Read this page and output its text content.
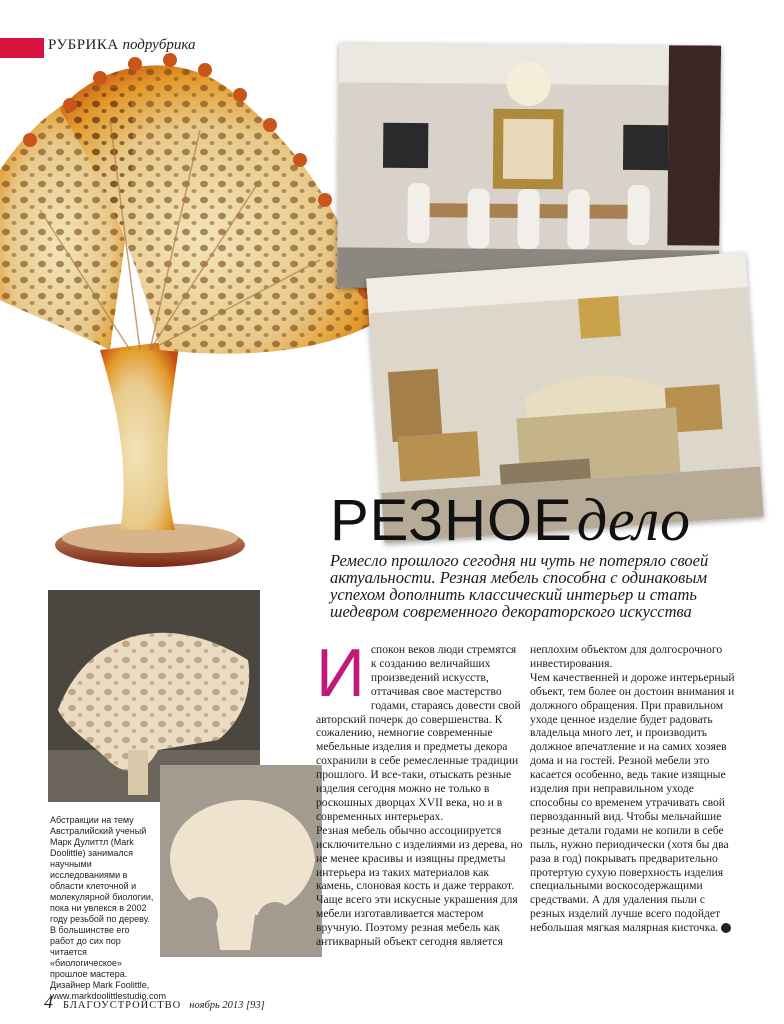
РУБРИКА подрубрика
РЕЗНОЕ дело
Ремесло прошлого сегодня ни чуть не потеряло своей актуальности. Резная мебель способна с одинаковым успехом дополнить классический интерьер и стать шедевром современного декораторского искусства
И спокон веков люди стремятся к созданию величайших произведений искусств, оттачивая свое мастерство годами, стараясь довести свой авторский почерк до совершенства. К сожалению, немногие современные мебельные изделия и предметы декора сохранили в себе ремесленные традиции прошлого. И все-таки, отыскать резные изделия сегодня можно не только в роскошных дворцах XVII века, но и в современных интерьерах.

Резная мебель обычно ассоциируется исключительно с изделиями из дерева, но не менее красивы и изящны предметы интерьера из таких материалов как камень, слоновая кость и даже терракот. Чаще всего эти искусные украшения для мебели изготавливается мастером вручную. Поэтому резная мебель как антикварный объект сегодня является

неплохим объектом для долгосрочного инвестирования.

Чем качественней и дороже интерьерный объект, тем более он достоин внимания и должного обращения. При правильном уходе ценное изделие будет радовать владельца много лет, и производить должное впечатление и на самих хозяев дома и на гостей. Резной мебели это касается особенно, ведь такие изящные изделия при неправильном уходе способны со временем утрачивать свой первозданный вид. Чтобы мельчайшие резные детали годами не копили в себе пыль, нужно периодически (хотя бы два раза в год) покрывать предварительно протертую сухую поверхность изделия специальными воскосодержащими средствами. А для удаления пыли с резных изделий лучше всего подойдет небольшая мягкая малярная кисточка.

Абстракции на тему Австралийский ученый Марк Дулиттл (Mark Doolittle) занимался научными исследованиями в области клеточной и молекулярной биологии, пока ни увлекся в 2002 году резьбой по дереву. В большинстве его работ до сих пор читается «биологическое» прошлое мастера. Дизайнер Mark Foolittle, www.markdoolittlestudio.com
4 БЛАГОУСТРОЙСТВО ноябрь 2013 [93]
